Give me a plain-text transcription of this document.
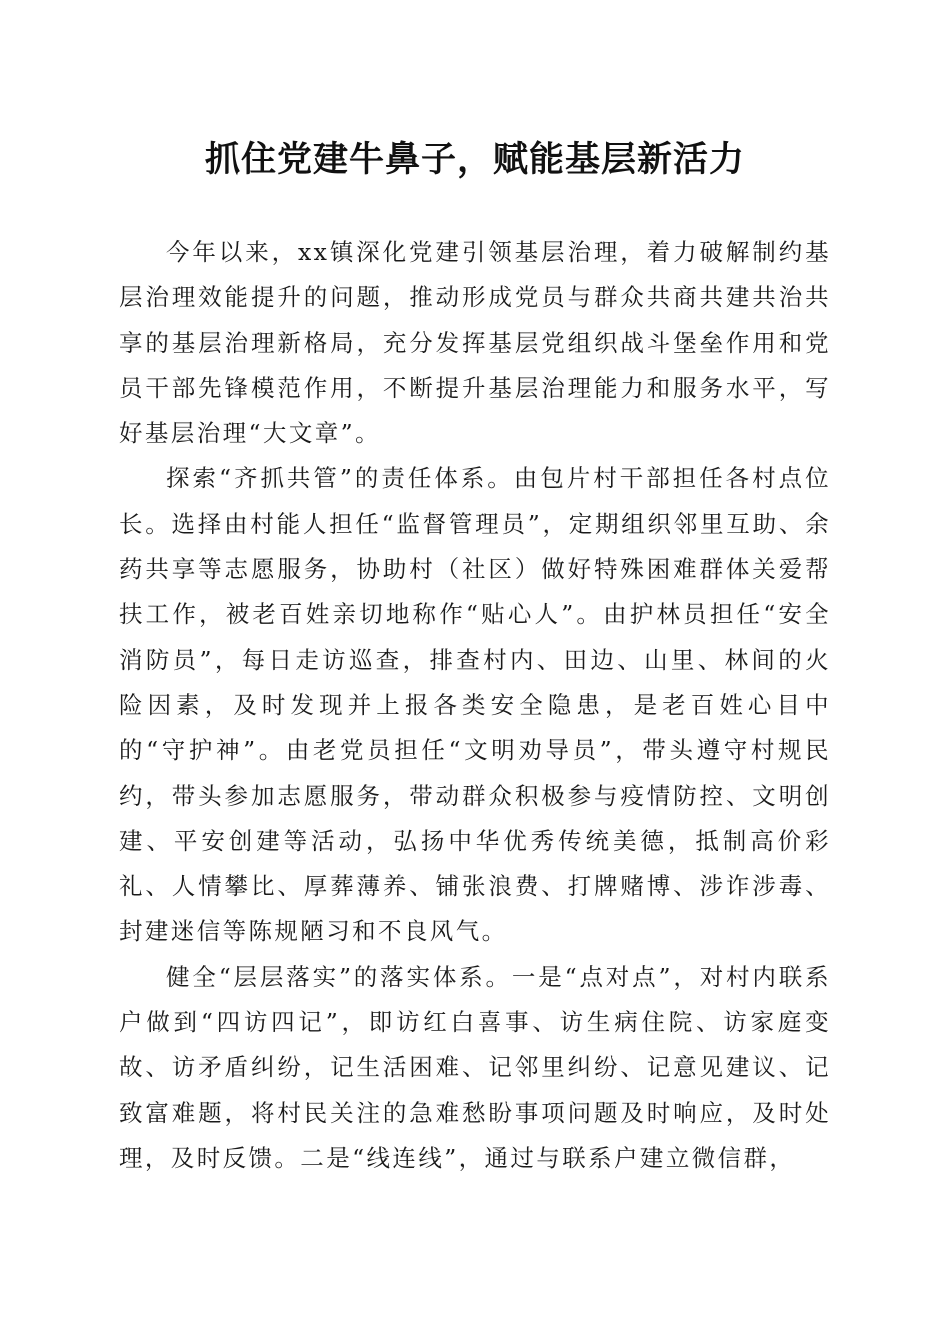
抓住党建牛鼻子，赋能基层新活力

今年以来，xx镇深化党建引领基层治理，着力破解制约基层治理效能提升的问题，推动形成党员与群众共商共建共治共享的基层治理新格局，充分发挥基层党组织战斗堡垒作用和党员干部先锋模范作用，不断提升基层治理能力和服务水平，写好基层治理“大文章”。

探索“齐抓共管”的责任体系。由包片村干部担任各村点位长。选择由村能人担任“监督管理员”，定期组织邻里互助、余药共享等志愿服务，协助村（社区）做好特殊困难群体关爱帮扶工作，被老百姓亲切地称作“贴心人”。由护林员担任“安全消防员”，每日走访巡查，排查村内、田边、山里、林间的火险因素，及时发现并上报各类安全隐患，是老百姓心目中的“守护神”。由老党员担任“文明劝导员”，带头遵守村规民约，带头参加志愿服务，带动群众积极参与疫情防控、文明创建、平安创建等活动，弘扬中华优秀传统美德，抵制高价彩礼、人情攀比、厚葬薄养、铺张浪费、打牌赌博、涉诈涉毒、封建迷信等陈规陋习和不良风气。

健全“层层落实”的落实体系。一是“点对点”，对村内联系户做到“四访四记”，即访红白喜事、访生病住院、访家庭变故、访矛盾纠纷，记生活困难、记邻里纠纷、记意见建议、记致富难题，将村民关注的急难愁盼事项问题及时响应，及时处理，及时反馈。二是“线连线”，通过与联系户建立微信群，
